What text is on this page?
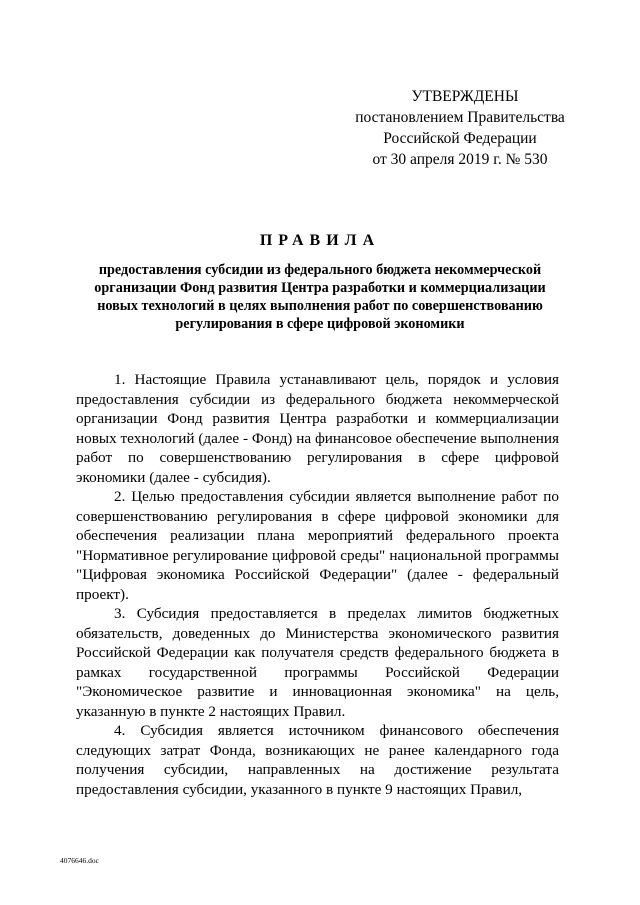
УТВЕРЖДЕНЫ
постановлением Правительства
Российской Федерации
от 30 апреля 2019 г. № 530
ПРАВИЛА
предоставления субсидии из федерального бюджета некоммерческой
организации Фонд развития Центра разработки и коммерциализации
новых технологий в целях выполнения работ по совершенствованию
регулирования в сфере цифровой экономики

1. Настоящие Правила устанавливают цель, порядок и условия предоставления субсидии из федерального бюджета некоммерческой организации Фонд развития Центра разработки и коммерциализации новых технологий (далее - Фонд) на финансовое обеспечение выполнения работ по совершенствованию регулирования в сфере цифровой экономики (далее - субсидия).

2. Целью предоставления субсидии является выполнение работ по совершенствованию регулирования в сфере цифровой экономики для обеспечения реализации плана мероприятий федерального проекта "Нормативное регулирование цифровой среды" национальной программы "Цифровая экономика Российской Федерации" (далее - федеральный проект).

3. Субсидия предоставляется в пределах лимитов бюджетных обязательств, доведенных до Министерства экономического развития Российской Федерации как получателя средств федерального бюджета в рамках государственной программы Российской Федерации "Экономическое развитие и инновационная экономика" на цель, указанную в пункте 2 настоящих Правил.

4. Субсидия является источником финансового обеспечения следующих затрат Фонда, возникающих не ранее календарного года получения субсидии, направленных на достижение результата предоставления субсидии, указанного в пункте 9 настоящих Правил,

4076646.doc
